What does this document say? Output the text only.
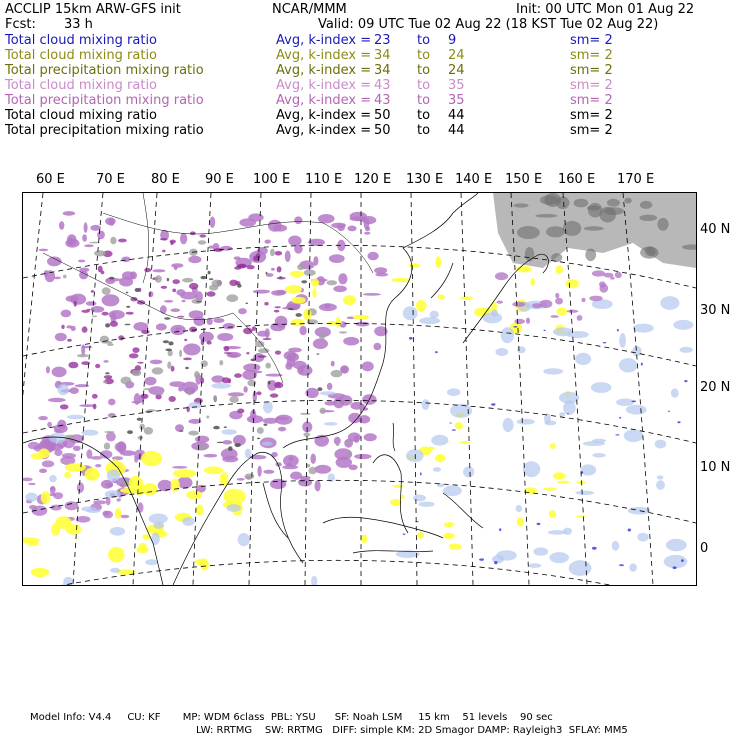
ACCLIP 15km ARW-GFS init	NCAR/MMM	Init: 00 UTC Mon 01 Aug 22
Fcst: 33 h	Valid: 09 UTC Tue 02 Aug 22 (18 KST Tue 02 Aug 22)
Total cloud mixing ratio	Avg, k-index = 23 to 9	sm= 2
Total cloud mixing ratio	Avg, k-index = 34 to 24	sm= 2
Total precipitation mixing ratio	Avg, k-index = 34 to 24	sm= 2
Total cloud mixing ratio	Avg, k-index = 43 to 35	sm= 2
Total precipitation mixing ratio	Avg, k-index = 43 to 35	sm= 2
Total cloud mixing ratio	Avg, k-index = 50 to 44	sm= 2
Total precipitation mixing ratio	Avg, k-index = 50 to 44	sm= 2
60 E 70 E 80 E 90 E 100 E 110 E 120 E 130 E 140 E 150 E 160 E 170 E
40 N
30 N
20 N
10 N
0
Model Info: V4.4     CU: KF       MP: WDM 6class  PBL: YSU      SF: Noah LSM     15 km    51 levels    90 sec
LW: RRTMG    SW: RRTMG   DIFF: simple KM: 2D Smagor DAMP: Rayleigh3  SFLAY: MM5
